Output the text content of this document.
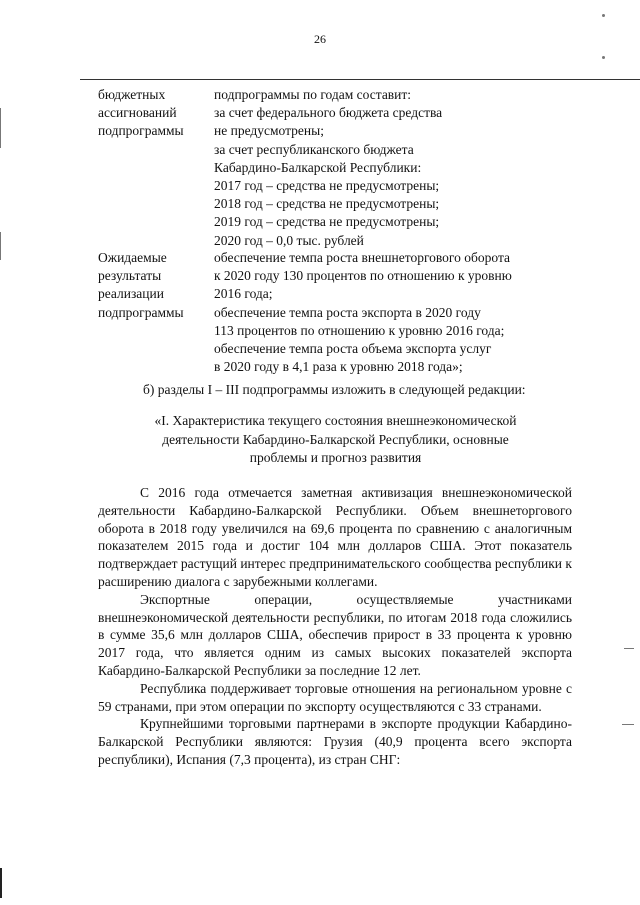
26
бюджетных
ассигнований
подпрограммы
подпрограммы по годам составит:
за счет федерального бюджета средства
не предусмотрены;
за счет республиканского бюджета
Кабардино-Балкарской Республики:
2017 год – средства не предусмотрены;
2018 год – средства не предусмотрены;
2019 год – средства не предусмотрены;
2020 год – 0,0 тыс. рублей
Ожидаемые
результаты
реализации
подпрограммы
обеспечение темпа роста внешнеторгового оборота
к 2020 году 130 процентов по отношению к уровню
2016 года;
обеспечение темпа роста экспорта в 2020 году
113 процентов по отношению к уровню 2016 года;
обеспечение темпа роста объема экспорта услуг
в 2020 году в 4,1 раза к уровню 2018 года»;
б) разделы I – III подпрограммы изложить в следующей редакции:
«I. Характеристика текущего состояния внешнеэкономической
деятельности Кабардино-Балкарской Республики, основные
проблемы и прогноз развития

С 2016 года отмечается заметная активизация внешнеэкономической деятельности Кабардино-Балкарской Республики. Объем внешнеторгового оборота в 2018 году увеличился на 69,6 процента по сравнению с аналогичным показателем 2015 года и достиг 104 млн долларов США. Этот показатель подтверждает растущий интерес предпринимательского сообщества республики к расширению диалога с зарубежными коллегами.

Экспортные операции, осуществляемые участниками внешнеэкономической деятельности республики, по итогам 2018 года сложились в сумме 35,6 млн долларов США, обеспечив прирост в 33 процента к уровню 2017 года, что является одним из самых высоких показателей экспорта Кабардино-Балкарской Республики за последние 12 лет.

Республика поддерживает торговые отношения на региональном уровне с 59 странами, при этом операции по экспорту осуществляются с 33 странами.

Крупнейшими торговыми партнерами в экспорте продукции Кабардино-Балкарской Республики являются: Грузия (40,9 процента всего экспорта республики), Испания (7,3 процента), из стран СНГ:
